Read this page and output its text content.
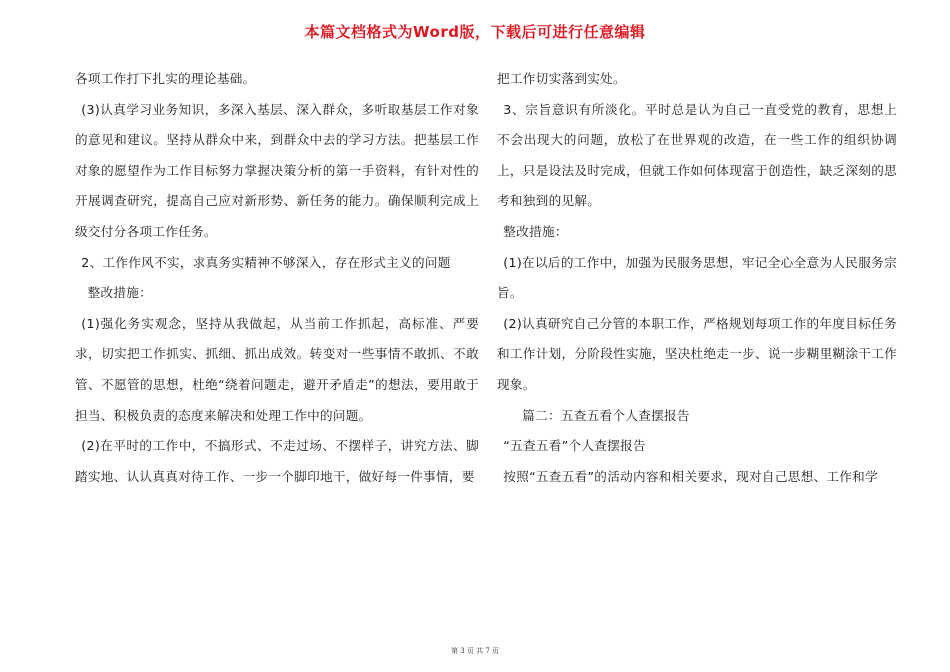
本篇文档格式为Word版，下载后可进行任意编辑

各项工作打下扎实的理论基础。

(3)认真学习业务知识，多深入基层、深入群众，多听取基层工作对象的意见和建议。坚持从群众中来，到群众中去的学习方法。把基层工作对象的愿望作为工作目标努力掌握决策分析的第一手资料，有针对性的开展调查研究，提高自己应对新形势、新任务的能力。确保顺利完成上级交付分各项工作任务。

2、工作作风不实，求真务实精神不够深入，存在形式主义的问题

整改措施：

(1)强化务实观念，坚持从我做起，从当前工作抓起，高标准、严要求，切实把工作抓实、抓细、抓出成效。转变对一些事情不敢抓、不敢管、不愿管的思想，杜绝“绕着问题走，避开矛盾走”的想法，要用敢于担当、积极负责的态度来解决和处理工作中的问题。

(2)在平时的工作中，不搞形式、不走过场、不摆样子，讲究方法、脚踏实地、认认真真对待工作、一步一个脚印地干，做好每一件事情，要

把工作切实落到实处。

3、宗旨意识有所淡化。平时总是认为自己一直受党的教育，思想上不会出现大的问题，放松了在世界观的改造，在一些工作的组织协调上，只是设法及时完成，但就工作如何体现富于创造性，缺乏深刻的思考和独到的见解。

整改措施：

(1)在以后的工作中，加强为民服务思想，牢记全心全意为人民服务宗旨。

(2)认真研究自己分管的本职工作，严格规划每项工作的年度目标任务和工作计划，分阶段性实施，坚决杜绝走一步、说一步糊里糊涂干工作现象。

篇二：五查五看个人查摆报告

“五查五看”个人查摆报告

按照“五查五看”的活动内容和相关要求，现对自己思想、工作和学

第 3 页 共 7 页
